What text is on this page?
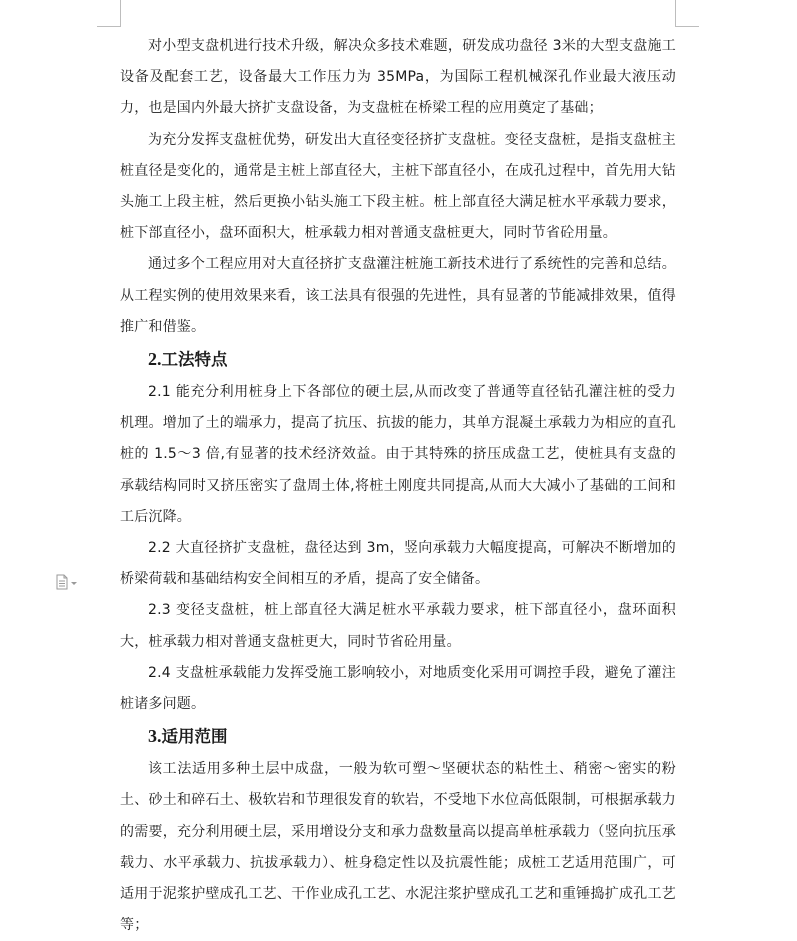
对小型支盘机进行技术升级，解决众多技术难题，研发成功盘径 3米的大型支盘施工设备及配套工艺，设备最大工作压力为 35MPa，为国际工程机械深孔作业最大液压动力，也是国内外最大挤扩支盘设备，为支盘桩在桥梁工程的应用奠定了基础；

为充分发挥支盘桩优势，研发出大直径变径挤扩支盘桩。变径支盘桩，是指支盘桩主桩直径是变化的，通常是主桩上部直径大，主桩下部直径小，在成孔过程中，首先用大钻头施工上段主桩，然后更换小钻头施工下段主桩。桩上部直径大满足桩水平承载力要求，桩下部直径小，盘环面积大，桩承载力相对普通支盘桩更大，同时节省砼用量。

通过多个工程应用对大直径挤扩支盘灌注桩施工新技术进行了系统性的完善和总结。从工程实例的使用效果来看，该工法具有很强的先进性，具有显著的节能减排效果，值得推广和借鉴。

2.工法特点

2.1 能充分利用桩身上下各部位的硬土层,从而改变了普通等直径钻孔灌注桩的受力机理。增加了土的端承力，提高了抗压、抗拔的能力，其单方混凝土承载力为相应的直孔桩的 1.5～3 倍,有显著的技术经济效益。由于其特殊的挤压成盘工艺，使桩具有支盘的承载结构同时又挤压密实了盘周土体,将桩土刚度共同提高,从而大大减小了基础的工间和工后沉降。

2.2 大直径挤扩支盘桩，盘径达到 3m，竖向承载力大幅度提高，可解决不断增加的桥梁荷载和基础结构安全间相互的矛盾，提高了安全储备。

2.3 变径支盘桩，桩上部直径大满足桩水平承载力要求，桩下部直径小，盘环面积大，桩承载力相对普通支盘桩更大，同时节省砼用量。

2.4 支盘桩承载能力发挥受施工影响较小，对地质变化采用可调控手段，避免了灌注桩诸多问题。

3.适用范围

该工法适用多种土层中成盘，一般为软可塑～坚硬状态的粘性土、稍密～密实的粉土、砂土和碎石土、极软岩和节理很发育的软岩，不受地下水位高低限制，可根据承载力的需要，充分利用硬土层，采用增设分支和承力盘数量高以提高单桩承载力（竖向抗压承载力、水平承载力、抗拔承载力）、桩身稳定性以及抗震性能；成桩工艺适用范围广，可适用于泥浆护壁成孔工艺、干作业成孔工艺、水泥注浆护壁成孔工艺和重锤捣扩成孔工艺等；
